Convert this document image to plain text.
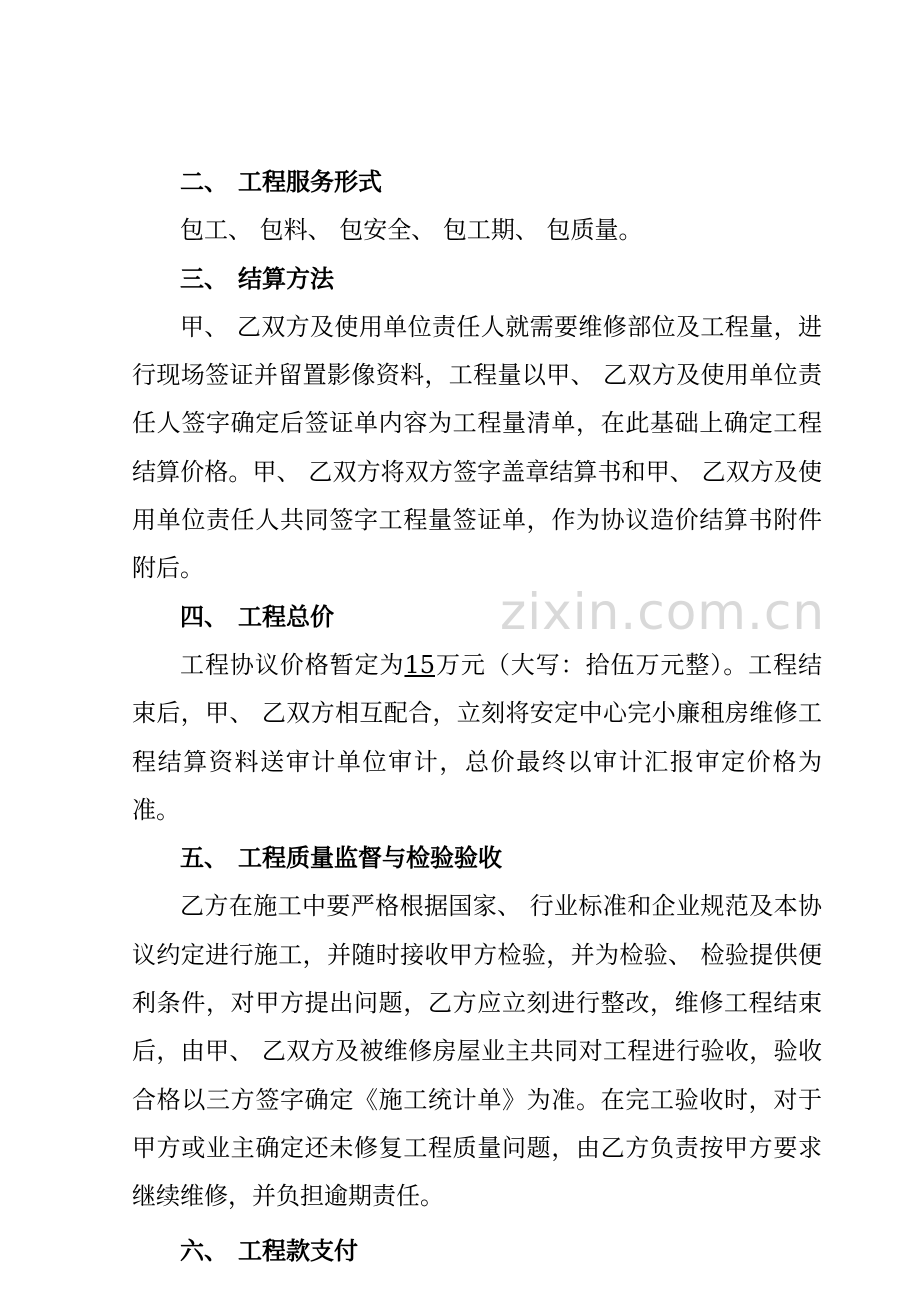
zixin.com.cn
二、 工程服务形式

包工、 包料、 包安全、 包工期、 包质量。

三、 结算方法

甲、 乙双方及使用单位责任人就需要维修部位及工程量，进行现场签证并留置影像资料，工程量以甲、 乙双方及使用单位责任人签字确定后签证单内容为工程量清单，在此基础上确定工程结算价格。甲、 乙双方将双方签字盖章结算书和甲、 乙双方及使用单位责任人共同签字工程量签证单，作为协议造价结算书附件附后。

四、 工程总价

工程协议价格暂定为15万元（大写：拾伍万元整）。工程结束后，甲、 乙双方相互配合，立刻将安定中心完小廉租房维修工程结算资料送审计单位审计，总价最终以审计汇报审定价格为准。

五、 工程质量监督与检验验收

乙方在施工中要严格根据国家、 行业标准和企业规范及本协议约定进行施工，并随时接收甲方检验，并为检验、 检验提供便利条件，对甲方提出问题，乙方应立刻进行整改，维修工程结束后，由甲、 乙双方及被维修房屋业主共同对工程进行验收，验收合格以三方签字确定《施工统计单》为准。在完工验收时，对于甲方或业主确定还未修复工程质量问题，由乙方负责按甲方要求继续维修，并负担逾期责任。

六、 工程款支付
